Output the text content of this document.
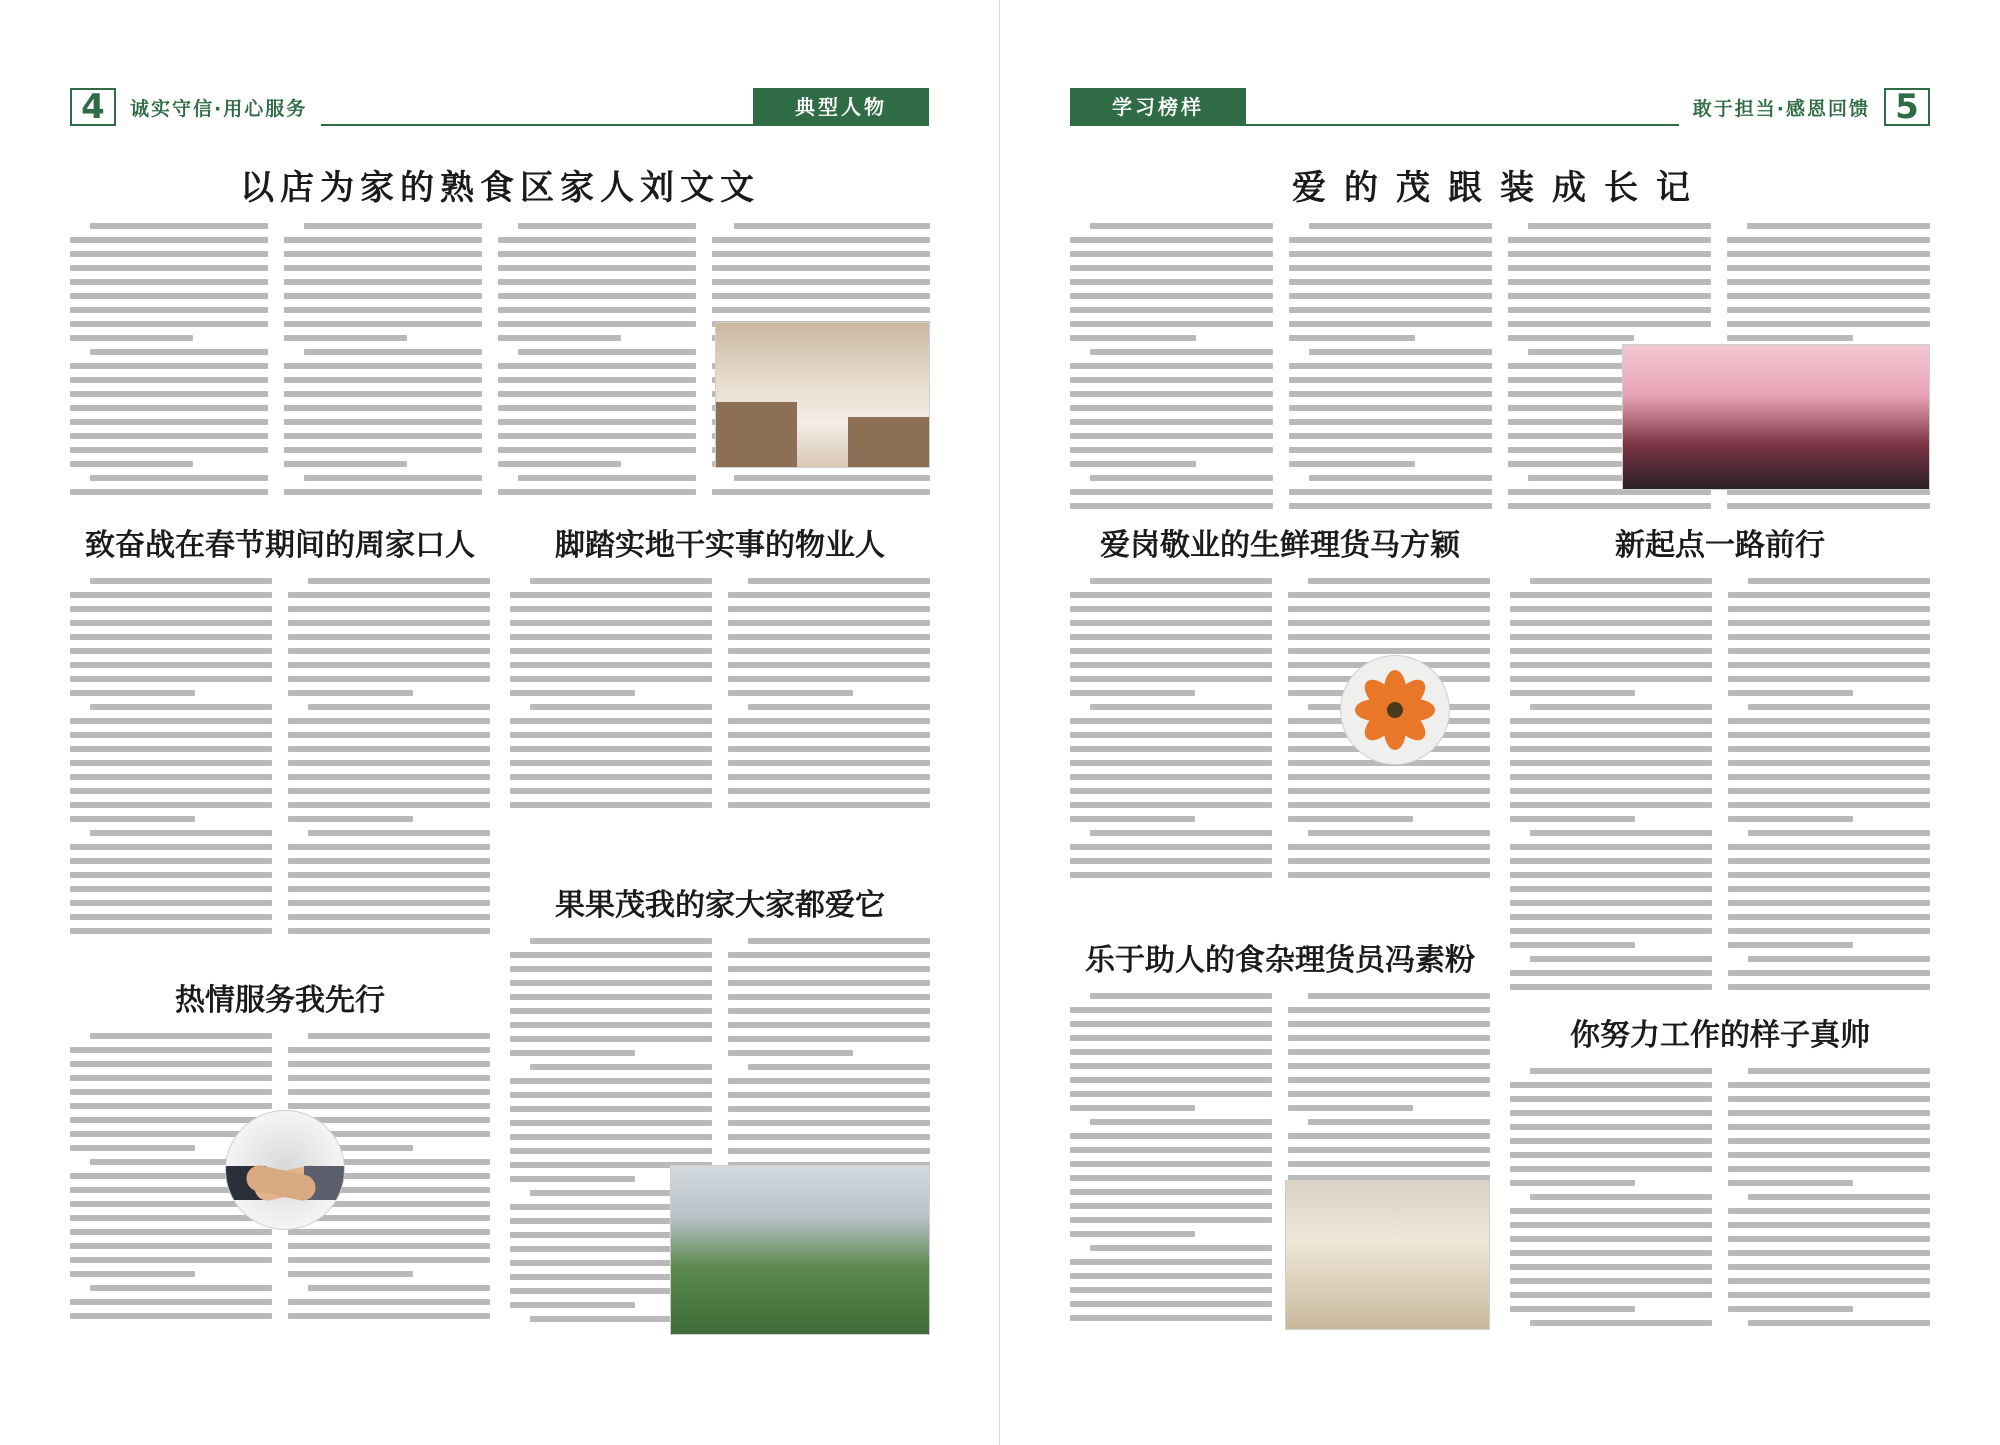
4	诚实守信·用心服务	典型人物
以店为家的熟食区家人刘文文
致奋战在春节期间的周家口人	脚踏实地干实事的物业人
果果茂我的家大家都爱它
热情服务我先行
学习榜样	敢于担当·感恩回馈 5
爱的茂跟装成长记
爱岗敬业的生鲜理货马方颖	新起点一路前行
乐于助人的食杂理货员冯素粉
你努力工作的样子真帅
